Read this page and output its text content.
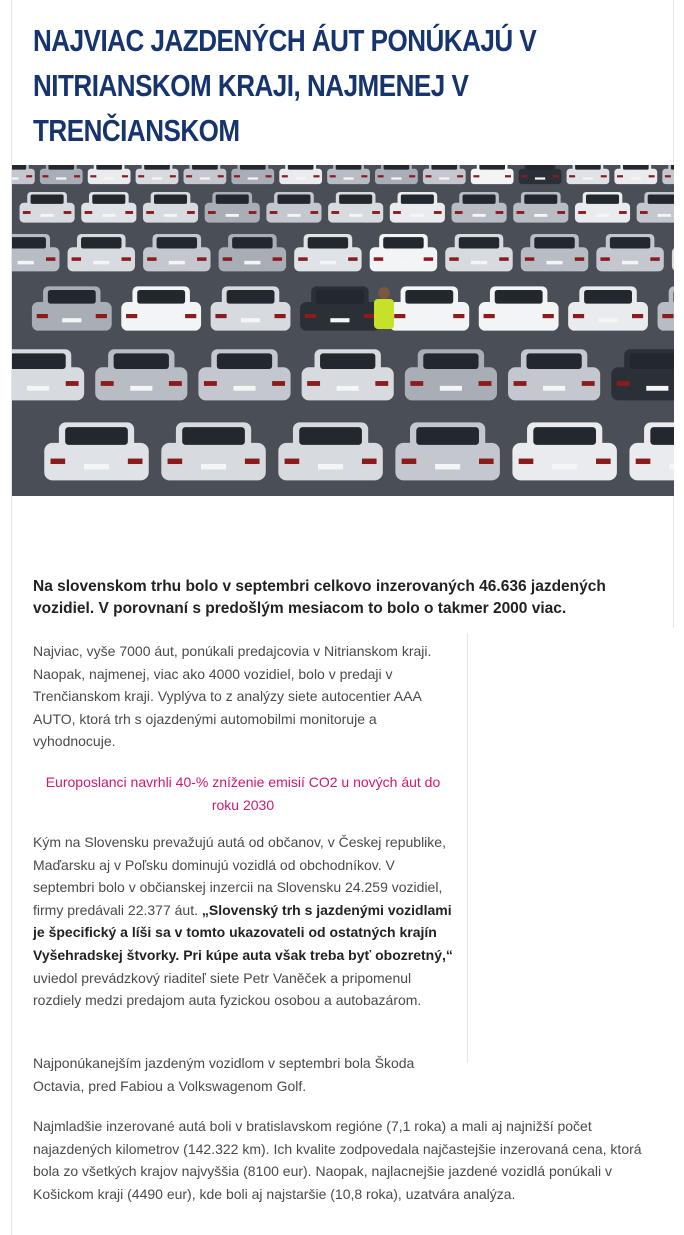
NAJVIAC JAZDENÝCH ÁUT PONÚKAJÚ V NITRIANSKOM KRAJI, NAJMENEJ V TRENČIANSKOM

Na slovenskom trhu bolo v septembri celkovo inzerovaných 46.636 jazdených vozidiel. V porovnaní s predošlým mesiacom to bolo o takmer 2000 viac.

Najviac, vyše 7000 áut, ponúkali predajcovia v Nitrianskom kraji. Naopak, najmenej, viac ako 4000 vozidiel, bolo v predaji v Trenčianskom kraji. Vyplýva to z analýzy siete autocentier AAA AUTO, ktorá trh s ojazdenými automobilmi monitoruje a vyhodnocuje.

Europoslanci navrhli 40-% zníženie emisií CO2 u nových áut do roku 2030

Kým na Slovensku prevažujú autá od občanov, v Českej republike, Maďarsku aj v Poľsku dominujú vozidlá od obchodníkov. V septembri bolo v občianskej inzercii na Slovensku 24.259 vozidiel, firmy predávali 22.377 áut. „Slovenský trh s jazdenými vozidlami je špecifický a líši sa v tomto ukazovateli od ostatných krajín Vyšehradskej štvorky. Pri kúpe auta však treba byť obozretný,“ uviedol prevádzkový riaditeľ siete Petr Vaněček a pripomenul rozdiely medzi predajom auta fyzickou osobou a autobazárom.

Najponúkanejším jazdeným vozidlom v septembri bola Škoda Octavia, pred Fabiou a Volkswagenom Golf.

Najmladšie inzerované autá boli v bratislavskom regióne (7,1 roka) a mali aj najnižší počet najazdených kilometrov (142.322 km). Ich kvalite zodpovedala najčastejšie inzerovaná cena, ktorá bola zo všetkých krajov najvyššia (8100 eur). Naopak, najlacnejšie jazdené vozidlá ponúkali v Košickom kraji (4490 eur), kde boli aj najstaršie (10,8 roka), uzatvára analýza.
